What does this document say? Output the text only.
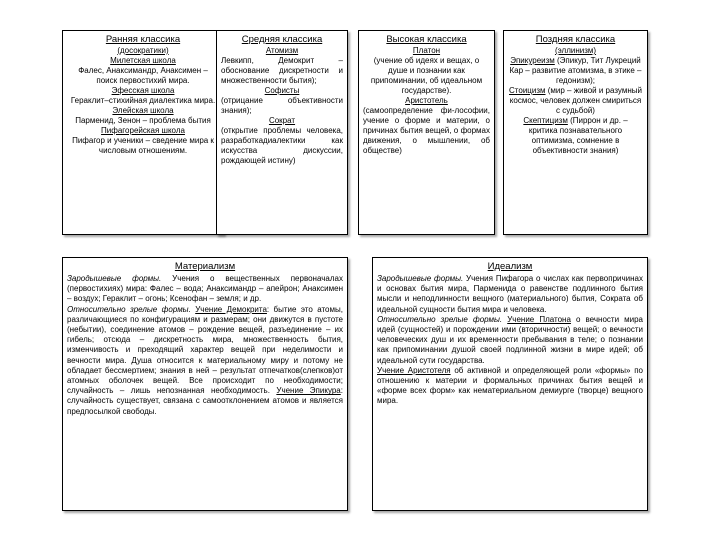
Ранняя классика
(досократики)
Милетская школа
Фалес, Анаксимандр, Анаксимен – поиск первостихий мира.
Эфесская школа
Гераклит–стихийная диалектика мира.
Элейская школа
Парменид, Зенон – проблема бытия
Пифагорейская школа
Пифагор и ученики – сведение мира к числовым отношениям.
Средняя классика
Атомизм
Левкипп, Демокрит – обоснование дискретности и множественности бытия);
Софисты
(отрицание объективности знания);
Сократ
(открытие проблемы человека, разработкадиалектики как искусства дискуссии, рождающей истину)
Высокая классика
Платон
(учение об идеях и вещах, о душе и познании как припоминании, об идеальном государстве).
Аристотель
(самоопределение фи-лософии, учение о форме и материи, о причинах бытия вещей, о формах движения, о мышлении, об обществе)
Поздняя классика
(эллинизм)
Эпикуреизм (Эпикур, Тит Лукреций Кар – развитие атомизма, в этике – гедонизм);
Стоицизм (мир – живой и разумный космос, человек должен смириться с судьбой)
Скептицизм (Пиррон и др. – критика познавательного оптимизма, сомнение в объективности знания)
Материализм

Зародышевые формы. Учения о вещественных первоначалах (первостихиях) мира: Фалес – вода; Анаксимандр – апейрон; Анаксимен – воздух; Гераклит – огонь; Ксенофан – земля; и др.

Относительно зрелые формы. Учение Демокрита: бытие это атомы, различающиеся по конфигурациям и размерам; они движутся в пустоте (небытии), соединение атомов – рождение вещей, разъединение – их гибель; отсюда – дискретность мира, множественность бытия, изменчивость и преходящий характер вещей при неделимости и вечности мира. Душа относится к материальному миру и потому не обладает бессмертием; знания в ней – результат отпечатков(слепков)от атомных оболочек вещей. Все происходит по необходимости; случайность – лишь непознанная необходимость. Учение Эпикура: случайность существует, связана с самоотклонением атомов и является предпосылкой свободы.

Идеализм

Зародышевые формы. Учения Пифагора о числах как первопричинах и основах бытия мира, Парменида о равенстве подлинного бытия мысли и неподлинности вещного (материального) бытия, Сократа об идеальной сущности бытия мира и человека.

Относительно зрелые формы. Учение Платона о вечности мира идей (сущностей) и порождении ими (вторичности) вещей; о вечности человеческих душ и их временности пребывания в теле; о познании как припоминании душой своей подлинной жизни в мире идей; об идеальной сути государства.

Учение Аристотеля об активной и определяющей роли «формы» по отношению к материи и формальных причинах бытия вещей и «форме всех форм» как нематериальном демиурге (творце) вещного мира.
